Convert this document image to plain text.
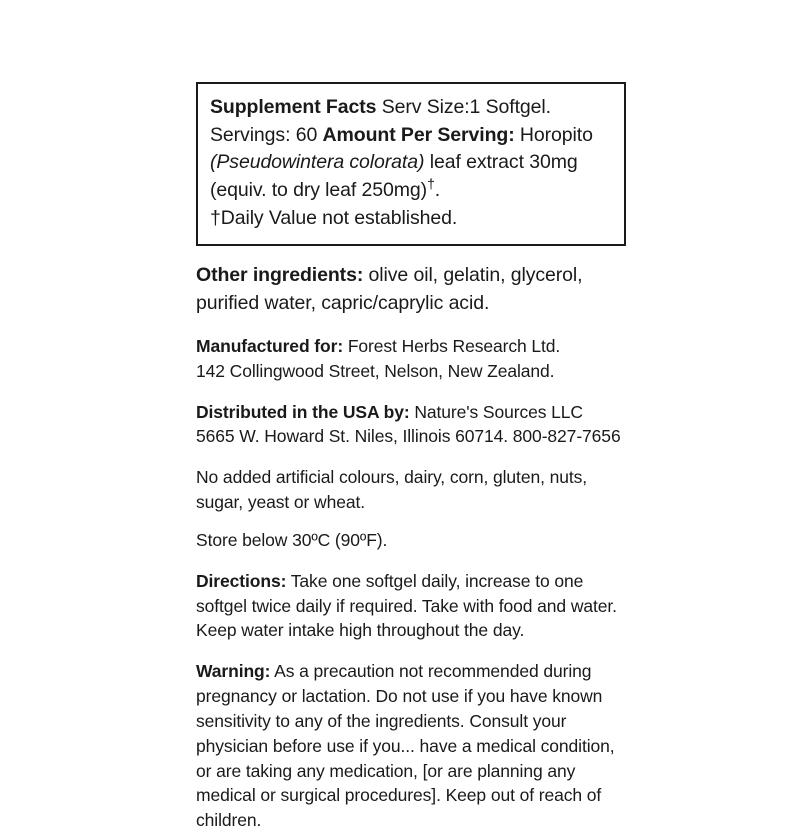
Supplement Facts Serv Size:1 Softgel. Servings: 60 Amount Per Serving: Horopito (Pseudowintera colorata) leaf extract 30mg (equiv. to dry leaf 250mg)†.
†Daily Value not established.

Other ingredients: olive oil, gelatin, glycerol, purified water, capric/caprylic acid.

Manufactured for: Forest Herbs Research Ltd.

142 Collingwood Street, Nelson, New Zealand.

Distributed in the USA by: Nature's Sources LLC

5665 W. Howard St. Niles, Illinois 60714. 800-827-7656

No added artificial colours, dairy, corn, gluten, nuts, sugar, yeast or wheat.

Store below 30ºC (90ºF).

Directions: Take one softgel daily, increase to one softgel twice daily if required. Take with food and water. Keep water intake high throughout the day.

Warning: As a precaution not recommended during pregnancy or lactation. Do not use if you have known sensitivity to any of the ingredients. Consult your physician before use if you... have a medical condition, or are taking any medication, [or are planning any medical or surgical procedures]. Keep out of reach of children.
